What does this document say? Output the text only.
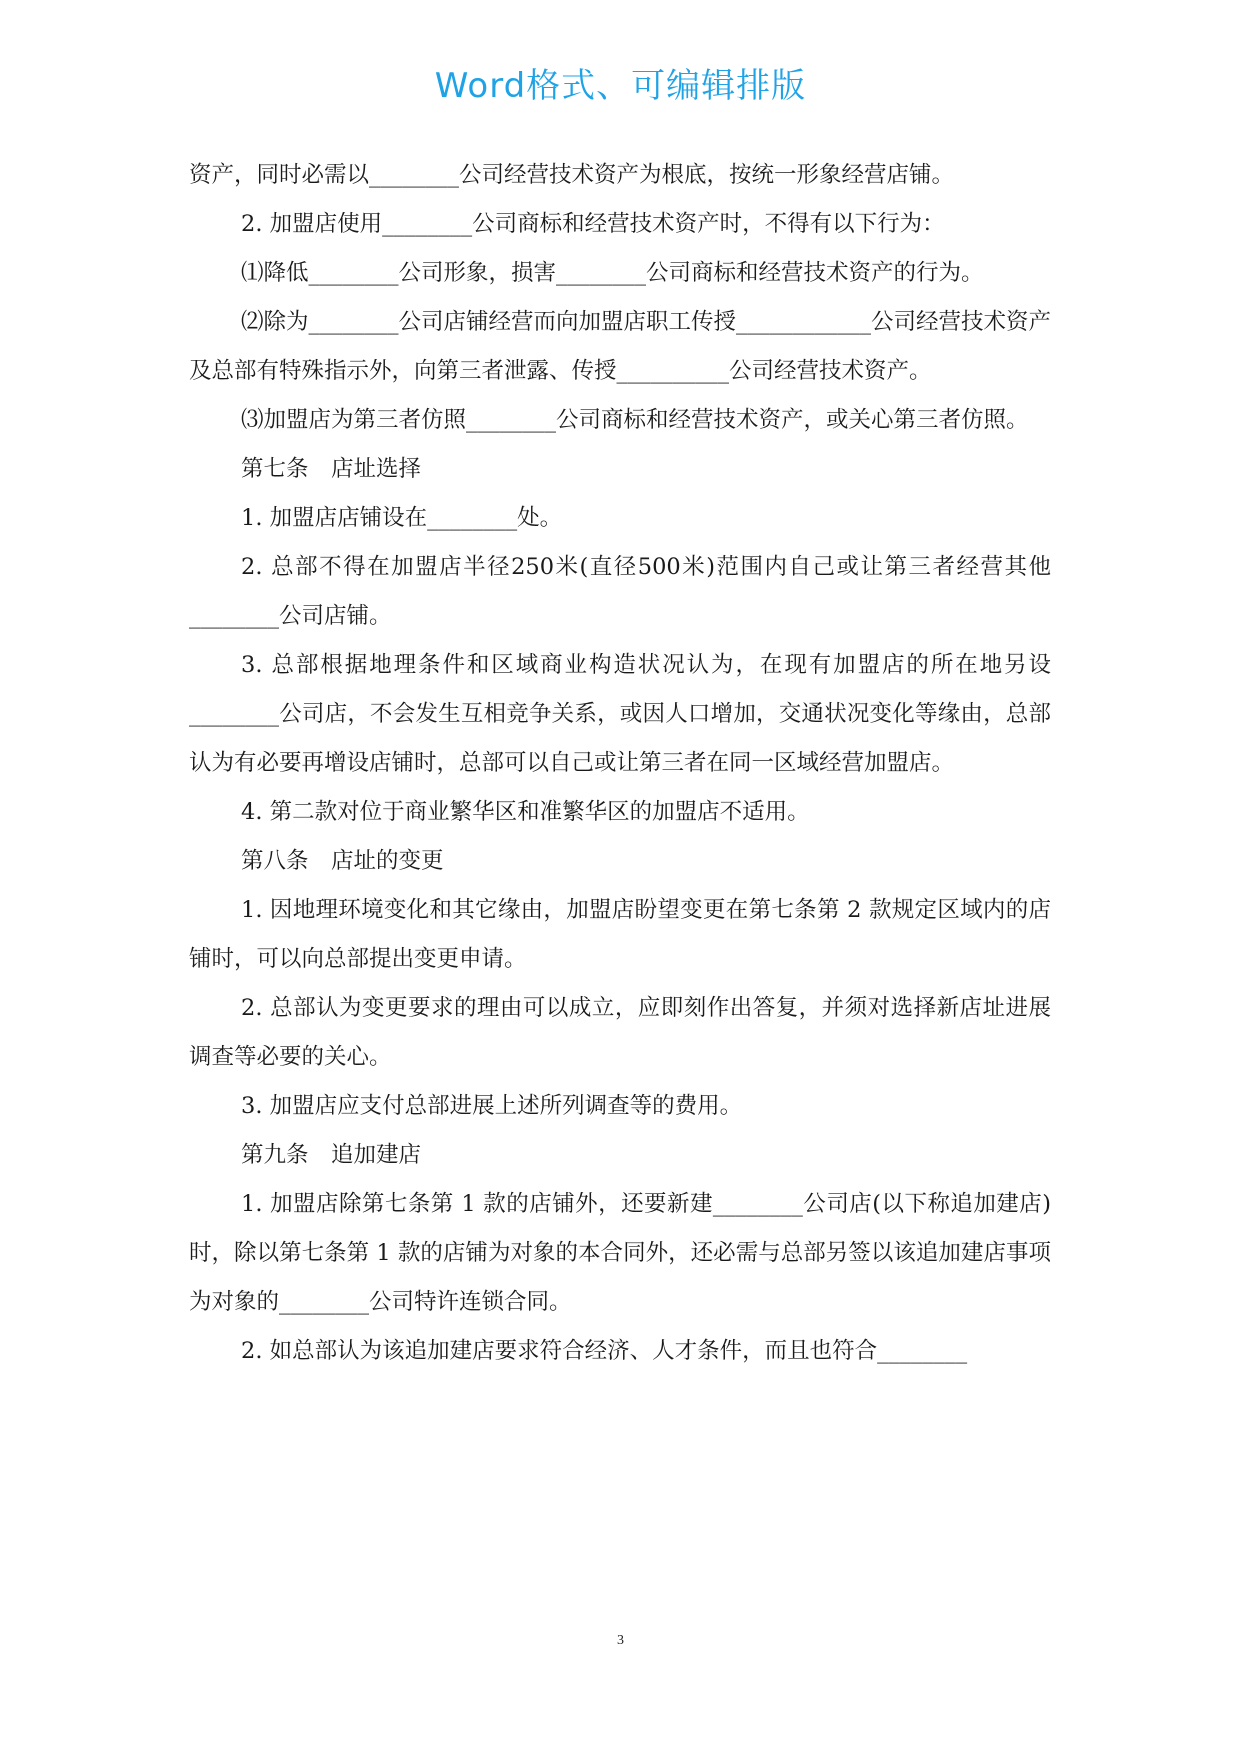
Word格式、可编辑排版

资产，同时必需以________公司经营技术资产为根底，按统一形象经营店铺。

2. 加盟店使用________公司商标和经营技术资产时，不得有以下行为：

⑴降低________公司形象，损害________公司商标和经营技术资产的行为。

⑵除为________公司店铺经营而向加盟店职工传授____________公司经营技术资产及总部有特殊指示外，向第三者泄露、传授__________公司经营技术资产。

⑶加盟店为第三者仿照________公司商标和经营技术资产，或关心第三者仿照。

第七条　店址选择

1. 加盟店店铺设在________处。

2. 总部不得在加盟店半径250米(直径500米)范围内自己或让第三者经营其他________公司店铺。

3. 总部根据地理条件和区域商业构造状况认为，在现有加盟店的所在地另设________公司店，不会发生互相竞争关系，或因人口增加，交通状况变化等缘由，总部认为有必要再增设店铺时，总部可以自己或让第三者在同一区域经营加盟店。

4. 第二款对位于商业繁华区和准繁华区的加盟店不适用。

第八条　店址的变更

1. 因地理环境变化和其它缘由，加盟店盼望变更在第七条第 2 款规定区域内的店铺时，可以向总部提出变更申请。

2. 总部认为变更要求的理由可以成立，应即刻作出答复，并须对选择新店址进展调查等必要的关心。

3. 加盟店应支付总部进展上述所列调查等的费用。

第九条　追加建店

1. 加盟店除第七条第 1 款的店铺外，还要新建________公司店(以下称追加建店)时，除以第七条第 1 款的店铺为对象的本合同外，还必需与总部另签以该追加建店事项为对象的________公司特许连锁合同。

2. 如总部认为该追加建店要求符合经济、人才条件，而且也符合________

3
